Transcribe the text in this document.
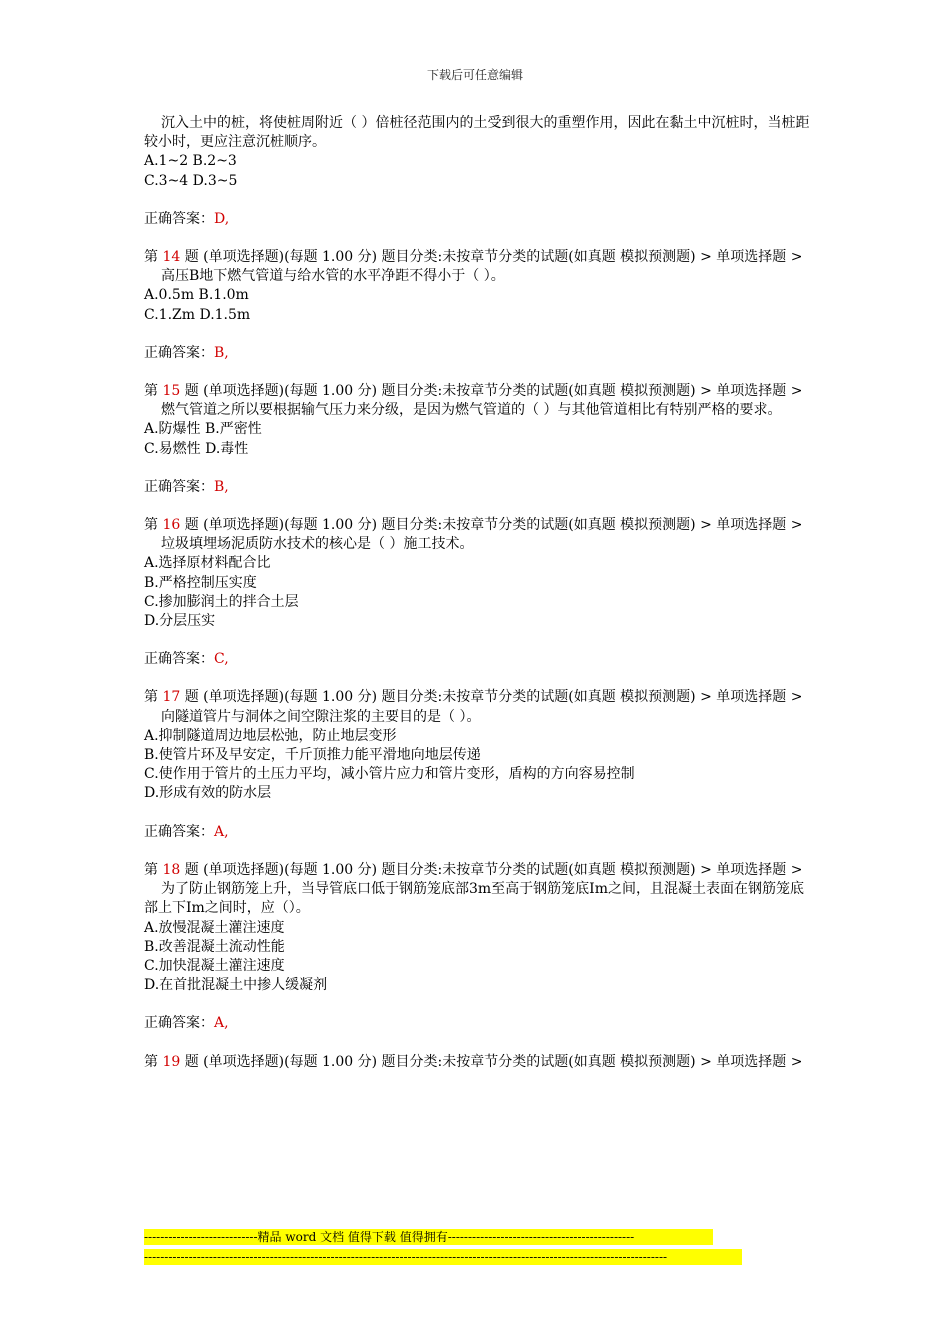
下载后可任意编辑

沉入土中的桩，将使桩周附近（ ）倍桩径范围内的土受到很大的重塑作用，因此在黏土中沉桩时，当桩距较小时，更应注意沉桩顺序。

A.1~2 B.2~3

C.3~4 D.3~5

正确答案：D,

第 14 题 (单项选择题)(每题 1.00 分) 题目分类:未按章节分类的试题(如真题 模拟预测题) > 单项选择题 >

高压B地下燃气管道与给水管的水平净距不得小于（ ）。

A.0.5m B.1.0m

C.1.Zm D.1.5m

正确答案：B,

第 15 题 (单项选择题)(每题 1.00 分) 题目分类:未按章节分类的试题(如真题 模拟预测题) > 单项选择题 >

燃气管道之所以要根据输气压力来分级，是因为燃气管道的（ ）与其他管道相比有特别严格的要求。

A.防爆性 B.严密性

C.易燃性 D.毒性

正确答案：B,

第 16 题 (单项选择题)(每题 1.00 分) 题目分类:未按章节分类的试题(如真题 模拟预测题) > 单项选择题 >

垃圾填埋场泥质防水技术的核心是（ ）施工技术。

A.选择原材料配合比

B.严格控制压实度

C.掺加膨润土的拌合土层

D.分层压实

正确答案：C,

第 17 题 (单项选择题)(每题 1.00 分) 题目分类:未按章节分类的试题(如真题 模拟预测题) > 单项选择题 >

向隧道管片与洞体之间空隙注浆的主要目的是（ ）。

A.抑制隧道周边地层松弛，防止地层变形

B.使管片环及早安定，千斤顶推力能平滑地向地层传递

C.使作用于管片的土压力平均，减小管片应力和管片变形，盾构的方向容易控制

D.形成有效的防水层

正确答案：A,

第 18 题 (单项选择题)(每题 1.00 分) 题目分类:未按章节分类的试题(如真题 模拟预测题) > 单项选择题 >

为了防止钢筋笼上升，当导管底口低于钢筋笼底部3m至高于钢筋笼底Im之间，且混凝土表面在钢筋笼底部上下Im之间时，应（）。

A.放慢混凝土灌注速度

B.改善混凝土流动性能

C.加快混凝土灌注速度

D.在首批混凝土中掺人缓凝剂

正确答案：A,

第 19 题 (单项选择题)(每题 1.00 分) 题目分类:未按章节分类的试题(如真题 模拟预测题) > 单项选择题 >

----------------------------精品 word 文档 值得下载 值得拥有----------------------------------------------
---------------------------------------------------------------------------------------------------------------------------------
